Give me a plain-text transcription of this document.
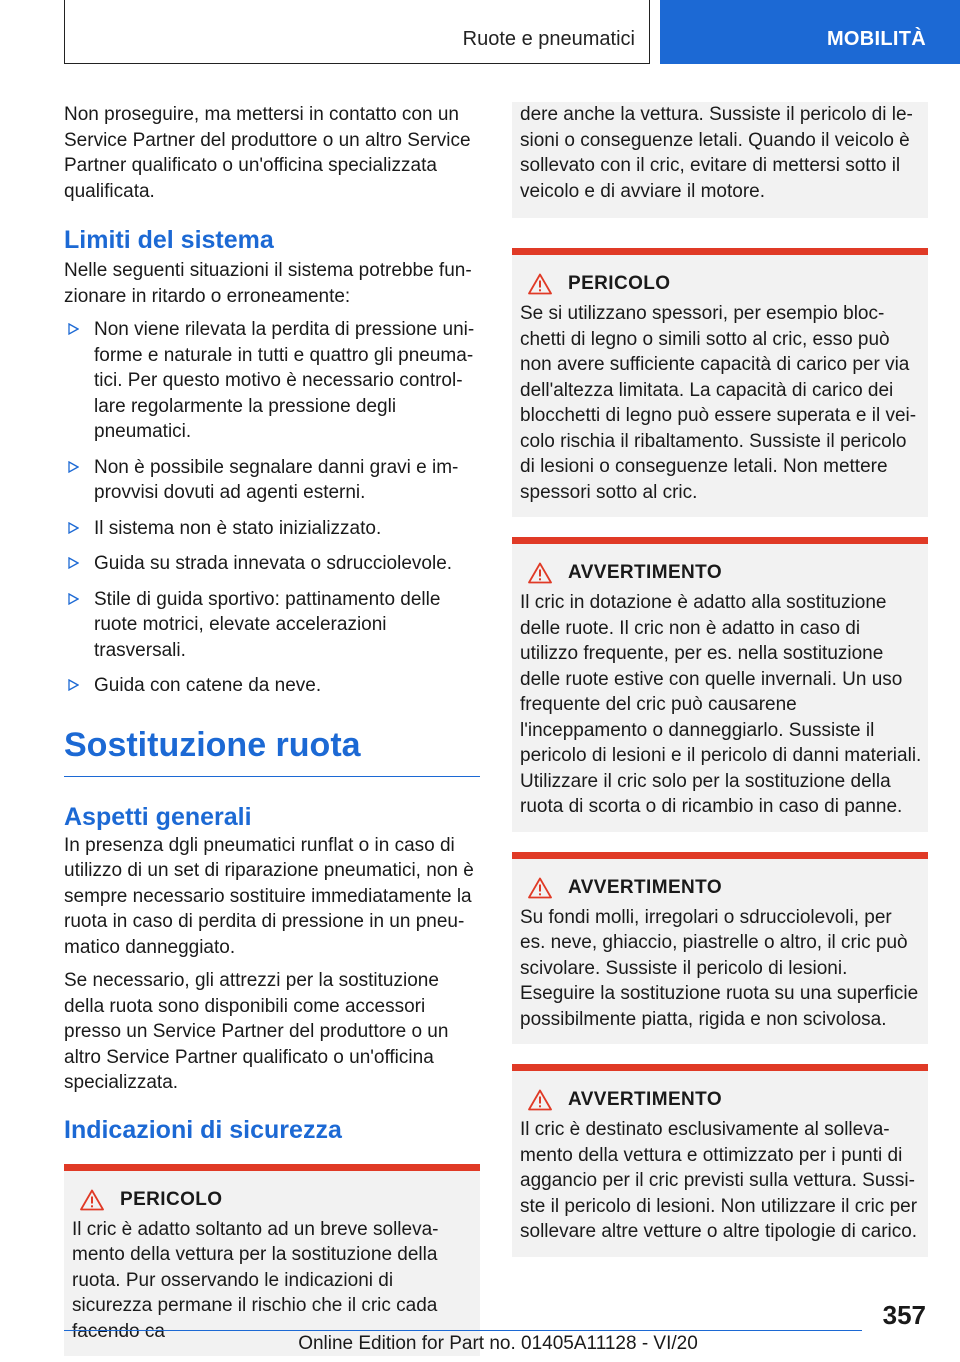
Ruote e pneumatici	MOBILITÀ

Non proseguire, ma mettersi in contatto con un Service Partner del produttore o un altro Service Partner qualificato o un'officina specializzata qualificata.

Limiti del sistema

Nelle seguenti situazioni il sistema potrebbe funzionare in ritardo o erroneamente:

Non viene rilevata la perdita di pressione uniforme e naturale in tutti e quattro gli pneumatici. Per questo motivo è necessario controllare regolarmente la pressione degli pneumatici.
Non è possibile segnalare danni gravi e improvvisi dovuti ad agenti esterni.
Il sistema non è stato inizializzato.
Guida su strada innevata o sdrucciolevole.
Stile di guida sportivo: pattinamento delle ruote motrici, elevate accelerazioni trasversali.
Guida con catene da neve.
Sostituzione ruota
Aspetti generali

In presenza dgli pneumatici runflat o in caso di utilizzo di un set di riparazione pneumatici, non è sempre necessario sostituire immediatamente la ruota in caso di perdita di pressione in un pneumatico danneggiato.

Se necessario, gli attrezzi per la sostituzione della ruota sono disponibili come accessori presso un Service Partner del produttore o un altro Service Partner qualificato o un'officina specializzata.

Indicazioni di sicurezza
PERICOLO

Il cric è adatto soltanto ad un breve sollevamento della vettura per la sostituzione della ruota. Pur osservando le indicazioni di sicurezza permane il rischio che il cric cada facendo ca

dere anche la vettura. Sussiste il pericolo di lesioni o conseguenze letali. Quando il veicolo è sollevato con il cric, evitare di mettersi sotto il veicolo e di avviare il motore.

PERICOLO

Se si utilizzano spessori, per esempio blocchetti di legno o simili sotto al cric, esso può non avere sufficiente capacità di carico per via dell'altezza limitata. La capacità di carico dei blocchetti di legno può essere superata e il veicolo rischia il ribaltamento. Sussiste il pericolo di lesioni o conseguenze letali. Non mettere spessori sotto al cric.

AVVERTIMENTO

Il cric in dotazione è adatto alla sostituzione delle ruote. Il cric non è adatto in caso di utilizzo frequente, per es. nella sostituzione delle ruote estive con quelle invernali. Un uso frequente del cric può causarene l'inceppamento o danneggiarlo. Sussiste il pericolo di lesioni e il pericolo di danni materiali. Utilizzare il cric solo per la sostituzione della ruota di scorta o di ricambio in caso di panne.

AVVERTIMENTO

Su fondi molli, irregolari o sdrucciolevoli, per es. neve, ghiaccio, piastrelle o altro, il cric può scivolare. Sussiste il pericolo di lesioni. Eseguire la sostituzione ruota su una superficie possibilmente piatta, rigida e non scivolosa.

AVVERTIMENTO

Il cric è destinato esclusivamente al sollevamento della vettura e ottimizzato per i punti di aggancio per il cric previsti sulla vettura. Sussiste il pericolo di lesioni. Non utilizzare il cric per sollevare altre vetture o altre tipologie di carico.

357
Online Edition for Part no. 01405A11128 - VI/20
